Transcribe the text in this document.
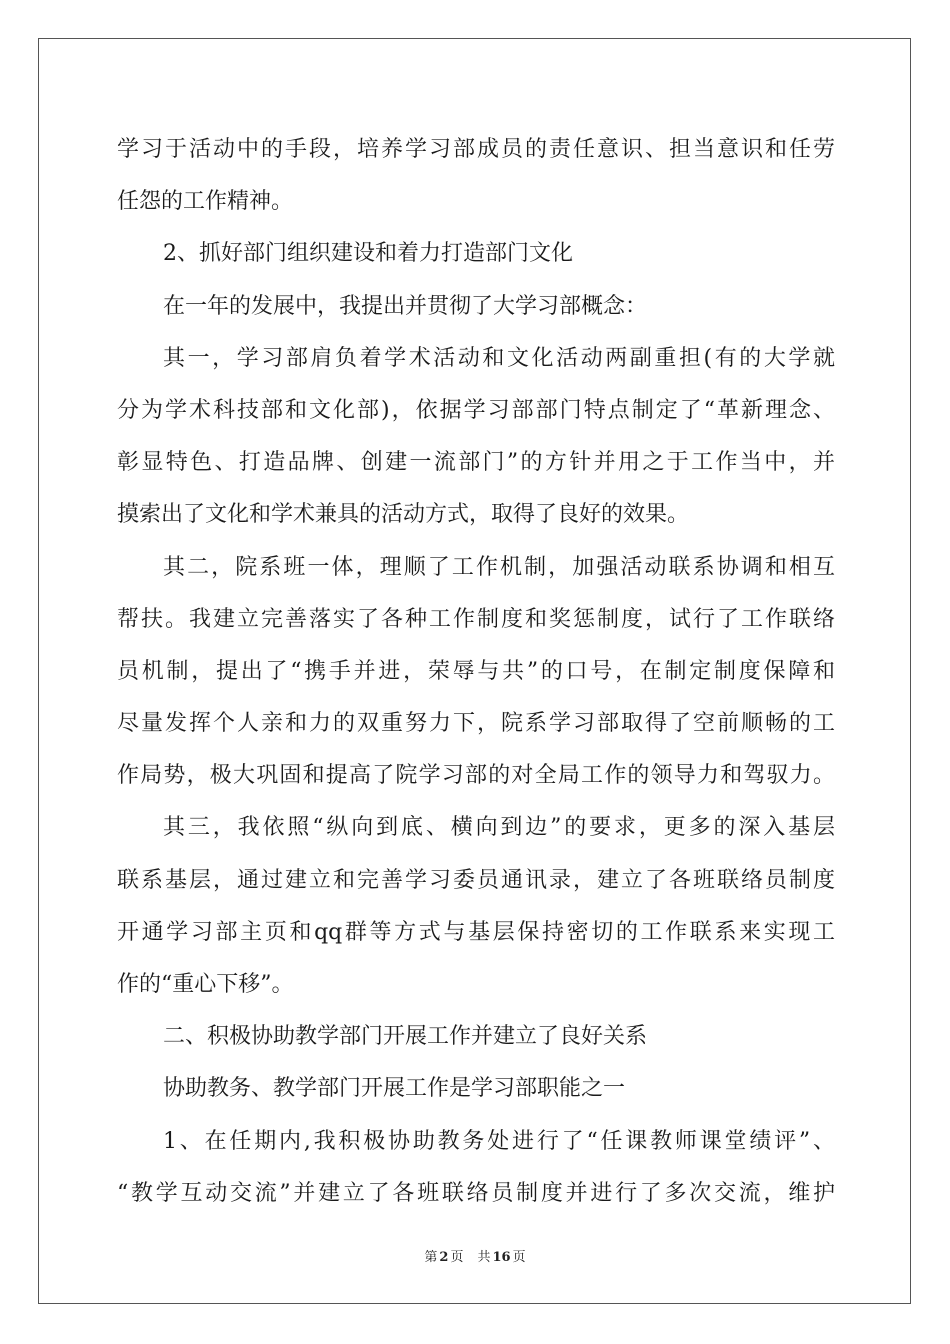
学习于活动中的手段，培养学习部成员的责任意识、担当意识和任劳
任怨的工作精神。
2、抓好部门组织建设和着力打造部门文化
在一年的发展中，我提出并贯彻了大学习部概念：
其一，学习部肩负着学术活动和文化活动两副重担(有的大学就
分为学术科技部和文化部)，依据学习部部门特点制定了“革新理念、
彰显特色、打造品牌、创建一流部门”的方针并用之于工作当中，并
摸索出了文化和学术兼具的活动方式，取得了良好的效果。
其二，院系班一体，理顺了工作机制，加强活动联系协调和相互
帮扶。我建立完善落实了各种工作制度和奖惩制度，试行了工作联络
员机制，提出了“携手并进，荣辱与共”的口号，在制定制度保障和
尽量发挥个人亲和力的双重努力下，院系学习部取得了空前顺畅的工
作局势，极大巩固和提高了院学习部的对全局工作的领导力和驾驭力。
其三，我依照“纵向到底、横向到边”的要求，更多的深入基层
联系基层，通过建立和完善学习委员通讯录，建立了各班联络员制度
开通学习部主页和qq群等方式与基层保持密切的工作联系来实现工
作的“重心下移”。
二、积极协助教学部门开展工作并建立了良好关系
协助教务、教学部门开展工作是学习部职能之一
1、在任期内,我积极协助教务处进行了“任课教师课堂绩评”、
“教学互动交流”并建立了各班联络员制度并进行了多次交流，维护
第 2 页 共 16 页
